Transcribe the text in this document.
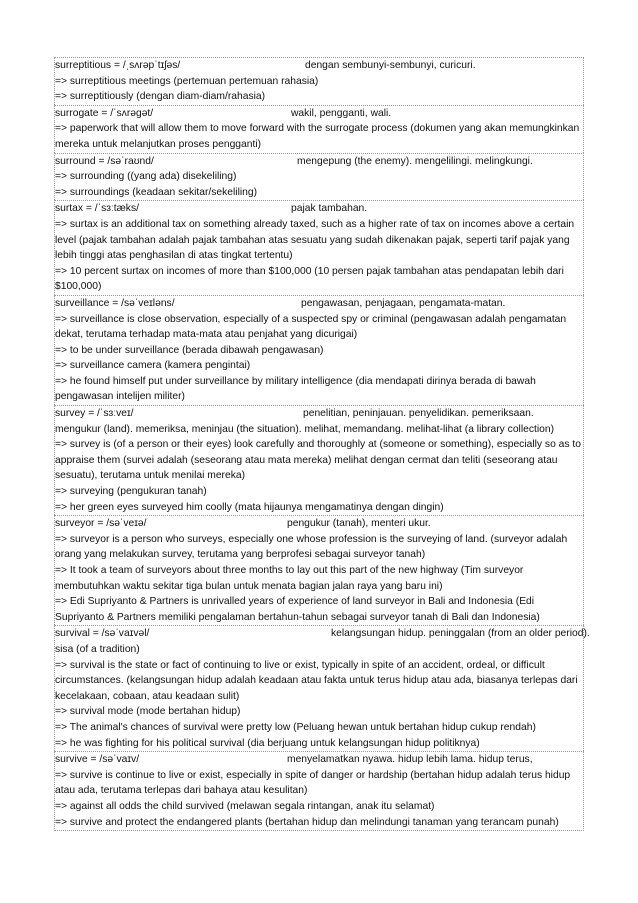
surreptitious = /ˌsʌrəpˈtɪʃəs/	dengan sembunyi-sembunyi, curicuri.
=> surreptitious meetings (pertemuan pertemuan rahasia)
=> surreptitiously (dengan diam-diam/rahasia)
surrogate = /ˈsʌrəɡət/	wakil, pengganti, wali.
=> paperwork that will allow them to move forward with the surrogate process (dokumen yang akan memungkinkan mereka untuk melanjutkan proses pengganti)
surround = /səˈraʊnd/	mengepung (the enemy). mengelilingi. melingkungi.
=> surrounding ((yang ada) disekeliling)
=> surroundings (keadaan sekitar/sekeliling)
surtax = /ˈsɜːtæks/	pajak tambahan.
=> surtax is an additional tax on something already taxed, such as a higher rate of tax on incomes above a certain level (pajak tambahan adalah pajak tambahan atas sesuatu yang sudah dikenakan pajak, seperti tarif pajak yang lebih tinggi atas penghasilan di atas tingkat tertentu)
=> 10 percent surtax on incomes of more than $100,000 (10 persen pajak tambahan atas pendapatan lebih dari $100,000)
surveillance = /səˈveɪləns/	pengawasan, penjagaan, pengamata-matan.
=> surveillance is close observation, especially of a suspected spy or criminal (pengawasan adalah pengamatan dekat, terutama terhadap mata-mata atau penjahat yang dicurigai)
=> to be under surveillance (berada dibawah pengawasan)
=> surveillance camera (kamera pengintai)
=> he found himself put under surveillance by military intelligence (dia mendapati dirinya berada di bawah pengawasan intelijen militer)
survey = /ˈsɜːveɪ/	penelitian, peninjauan. penyelidikan. pemeriksaan.
mengukur (land). memeriksa, meninjau (the situation). melihat, memandang. melihat-lihat (a library collection)
=> survey is (of a person or their eyes) look carefully and thoroughly at (someone or something), especially so as to appraise them (survei adalah (seseorang atau mata mereka) melihat dengan cermat dan teliti (seseorang atau sesuatu), terutama untuk menilai mereka)
=> surveying (pengukuran tanah)
=> her green eyes surveyed him coolly (mata hijaunya mengamatinya dengan dingin)
surveyor = /səˈveɪə/	pengukur (tanah), menteri ukur.
=> surveyor is a person who surveys, especially one whose profession is the surveying of land. (surveyor adalah orang yang melakukan survey, terutama yang berprofesi sebagai surveyor tanah)
=> It took a team of surveyors about three months to lay out this part of the new highway (Tim surveyor membutuhkan waktu sekitar tiga bulan untuk menata bagian jalan raya yang baru ini)
=> Edi Supriyanto & Partners is unrivalled years of experience of land surveyor in Bali and Indonesia (Edi Supriyanto & Partners memiliki pengalaman bertahun-tahun sebagai surveyor tanah di Bali dan Indonesia)
survival = /səˈvaɪvəl/	kelangsungan hidup. peninggalan (from an older period).
sisa (of a tradition)
=> survival is the state or fact of continuing to live or exist, typically in spite of an accident, ordeal, or difficult circumstances. (kelangsungan hidup adalah keadaan atau fakta untuk terus hidup atau ada, biasanya terlepas dari kecelakaan, cobaan, atau keadaan sulit)
=> survival mode (mode bertahan hidup)
=> The animal's chances of survival were pretty low (Peluang hewan untuk bertahan hidup cukup rendah)
=> he was fighting for his political survival (dia berjuang untuk kelangsungan hidup politiknya)
survive = /səˈvaɪv/	menyelamatkan nyawa. hidup lebih lama. hidup terus,
=> survive is continue to live or exist, especially in spite of danger or hardship (bertahan hidup adalah terus hidup atau ada, terutama terlepas dari bahaya atau kesulitan)
=> against all odds the child survived (melawan segala rintangan, anak itu selamat)
=> survive and protect the endangered plants (bertahan hidup dan melindungi tanaman yang terancam punah)
